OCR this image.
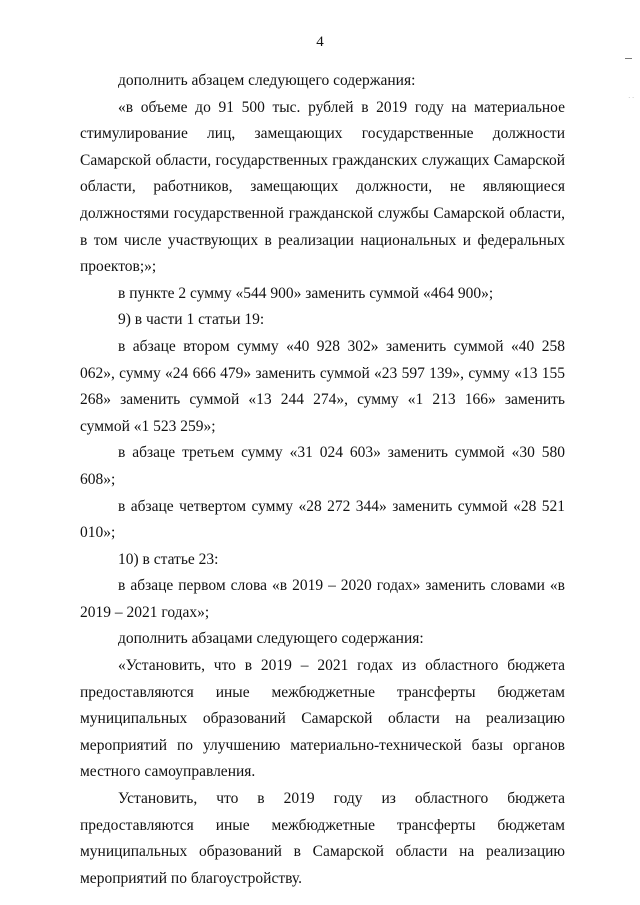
4
· ·

дополнить абзацем следующего содержания:

«в объеме до 91 500 тыс. рублей в 2019 году на материальное стимулирование лиц, замещающих государственные должности Самарской области, государственных гражданских служащих Самарской области, работников, замещающих должности, не являющиеся должностями государственной гражданской службы Самарской области, в том числе участвующих в реализации национальных и федеральных проектов;»;

в пункте 2 сумму «544 900» заменить суммой «464 900»;

9) в части 1 статьи 19:

в абзаце втором сумму «40 928 302» заменить суммой «40 258 062», сумму «24 666 479» заменить суммой «23 597 139», сумму «13 155 268» заменить суммой «13 244 274», сумму «1 213 166» заменить суммой «1 523 259»;

в абзаце третьем сумму «31 024 603» заменить суммой «30 580 608»;

в абзаце четвертом сумму «28 272 344» заменить суммой «28 521 010»;

10) в статье 23:

в абзаце первом слова «в 2019 – 2020 годах» заменить словами «в 2019 – 2021 годах»;

дополнить абзацами следующего содержания:

«Установить, что в 2019 – 2021 годах из областного бюджета предоставляются иные межбюджетные трансферты бюджетам муниципальных образований Самарской области на реализацию мероприятий по улучшению материально-технической базы органов местного самоуправления.

Установить, что в 2019 году из областного бюджета предоставляются иные межбюджетные трансферты бюджетам муниципальных образований в Самарской области на реализацию мероприятий по благоустройству.
